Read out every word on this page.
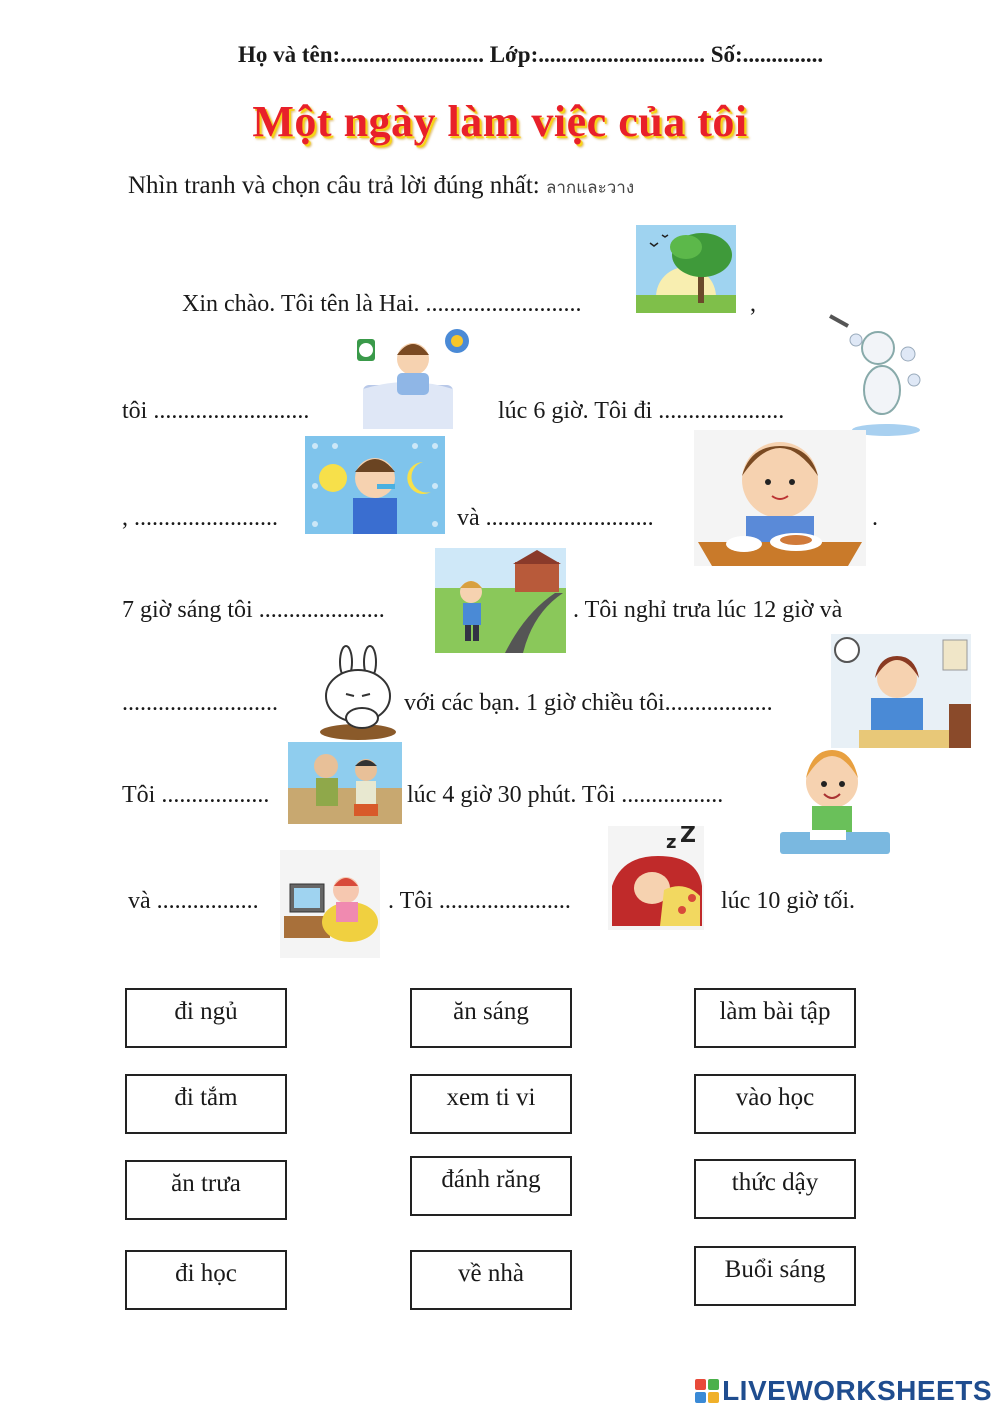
Họ và tên:......................... Lớp:............................. Số:..............
Một ngày làm việc của tôi
Nhìn tranh và chọn câu trả lời đúng nhất: ลากและวาง
Xin chào. Tôi tên là Hai. ..........................	,
tôi ..........................	lúc 6 giờ. Tôi đi .....................
, ........................	và ............................	.
7 giờ sáng tôi .....................	. Tôi nghỉ trưa lúc 12 giờ và
..........................	với các bạn. 1 giờ chiều tôi..................
Tôi ..................	lúc 4 giờ 30 phút. Tôi .................
và .................	. Tôi ......................	lúc 10 giờ tối.
z Z
đi ngủ	ăn sáng	làm bài tập
đi tắm	xem ti vi	vào học
ăn trưa	đánh răng	thức dậy
đi học	về nhà	Buổi sáng
LIVEWORKSHEETS
